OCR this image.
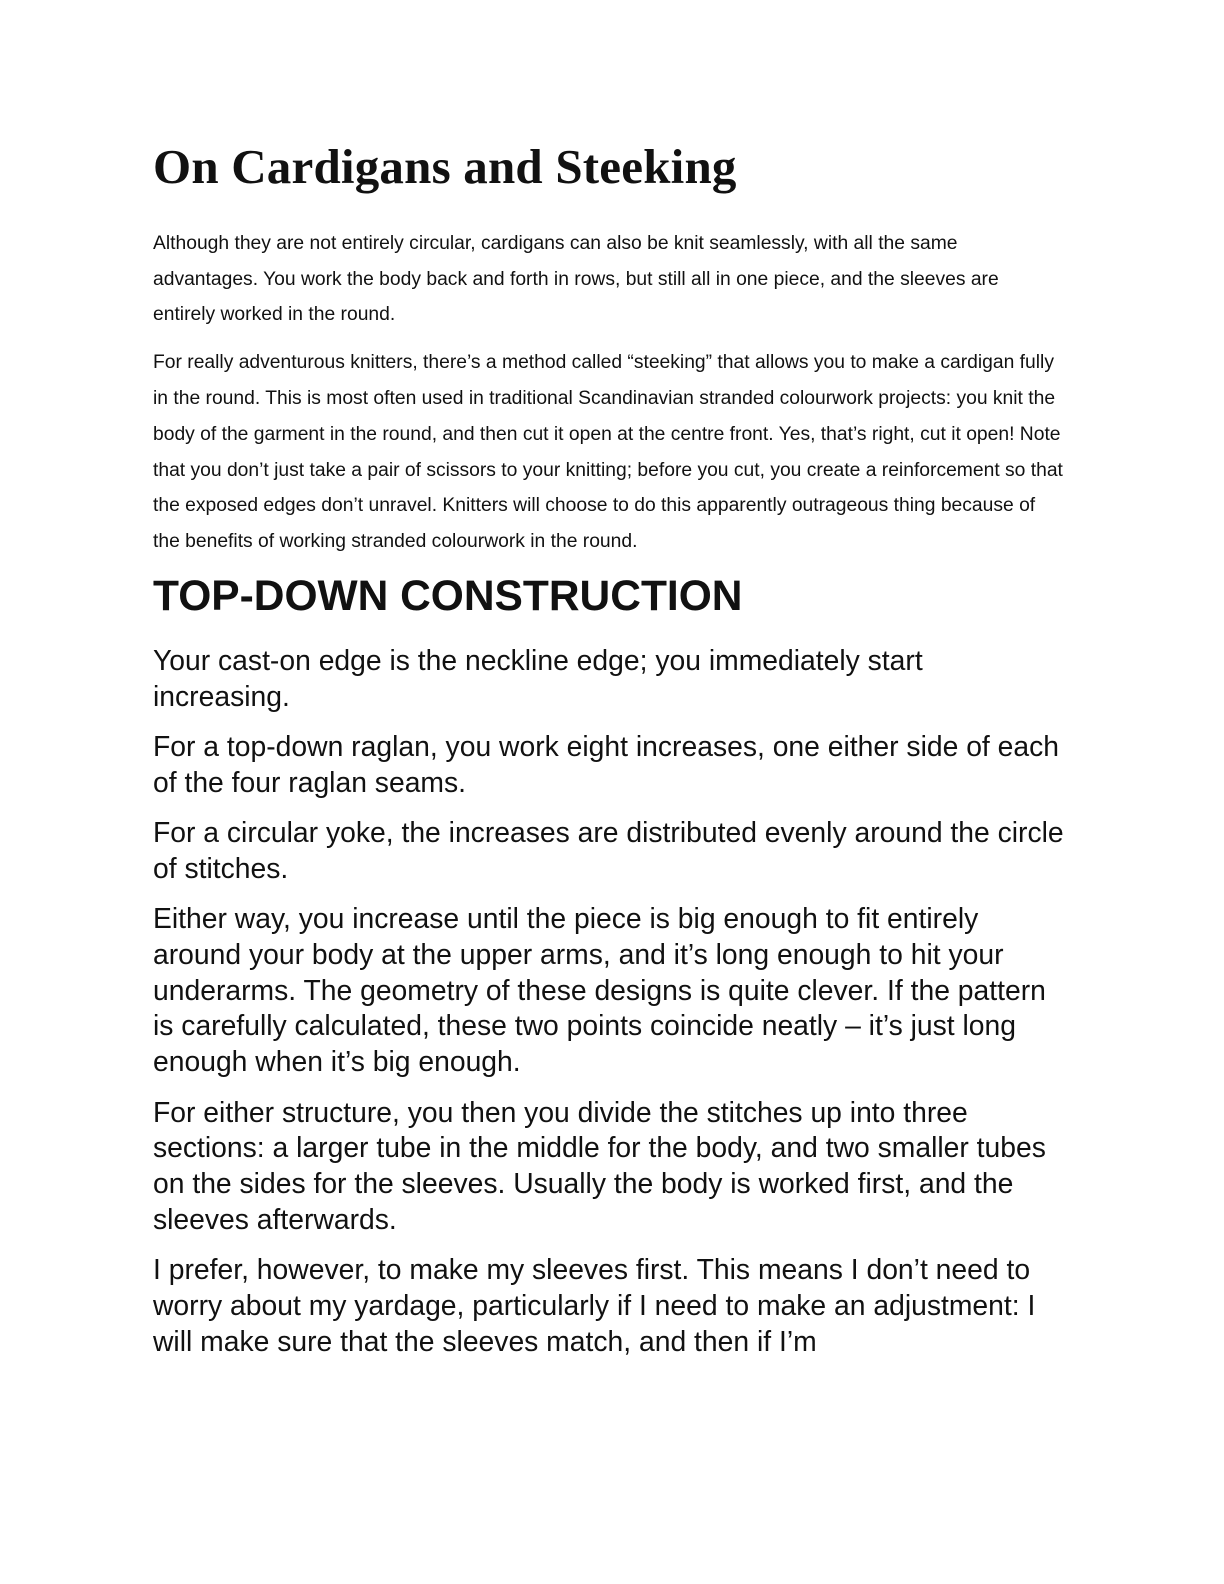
On Cardigans and Steeking

Although they are not entirely circular, cardigans can also be knit seamlessly, with all the same advantages. You work the body back and forth in rows, but still all in one piece, and the sleeves are entirely worked in the round.

For really adventurous knitters, there’s a method called “steeking” that allows you to make a cardigan fully in the round. This is most often used in traditional Scandinavian stranded colourwork projects: you knit the body of the garment in the round, and then cut it open at the centre front. Yes, that’s right, cut it open! Note that you don’t just take a pair of scissors to your knitting; before you cut, you create a reinforcement so that the exposed edges don’t unravel. Knitters will choose to do this apparently outrageous thing because of the benefits of working stranded colourwork in the round.

TOP-DOWN CONSTRUCTION

Your cast-on edge is the neckline edge; you immediately start increasing.

For a top-down raglan, you work eight increases, one either side of each of the four raglan seams.

For a circular yoke, the increases are distributed evenly around the circle of stitches.

Either way, you increase until the piece is big enough to fit entirely around your body at the upper arms, and it’s long enough to hit your underarms. The geometry of these designs is quite clever. If the pattern is carefully calculated, these two points coincide neatly – it’s just long enough when it’s big enough.

For either structure, you then you divide the stitches up into three sections: a larger tube in the middle for the body, and two smaller tubes on the sides for the sleeves. Usually the body is worked first, and the sleeves afterwards.

I prefer, however, to make my sleeves first. This means I don’t need to worry about my yardage, particularly if I need to make an adjustment: I will make sure that the sleeves match, and then if I’m
